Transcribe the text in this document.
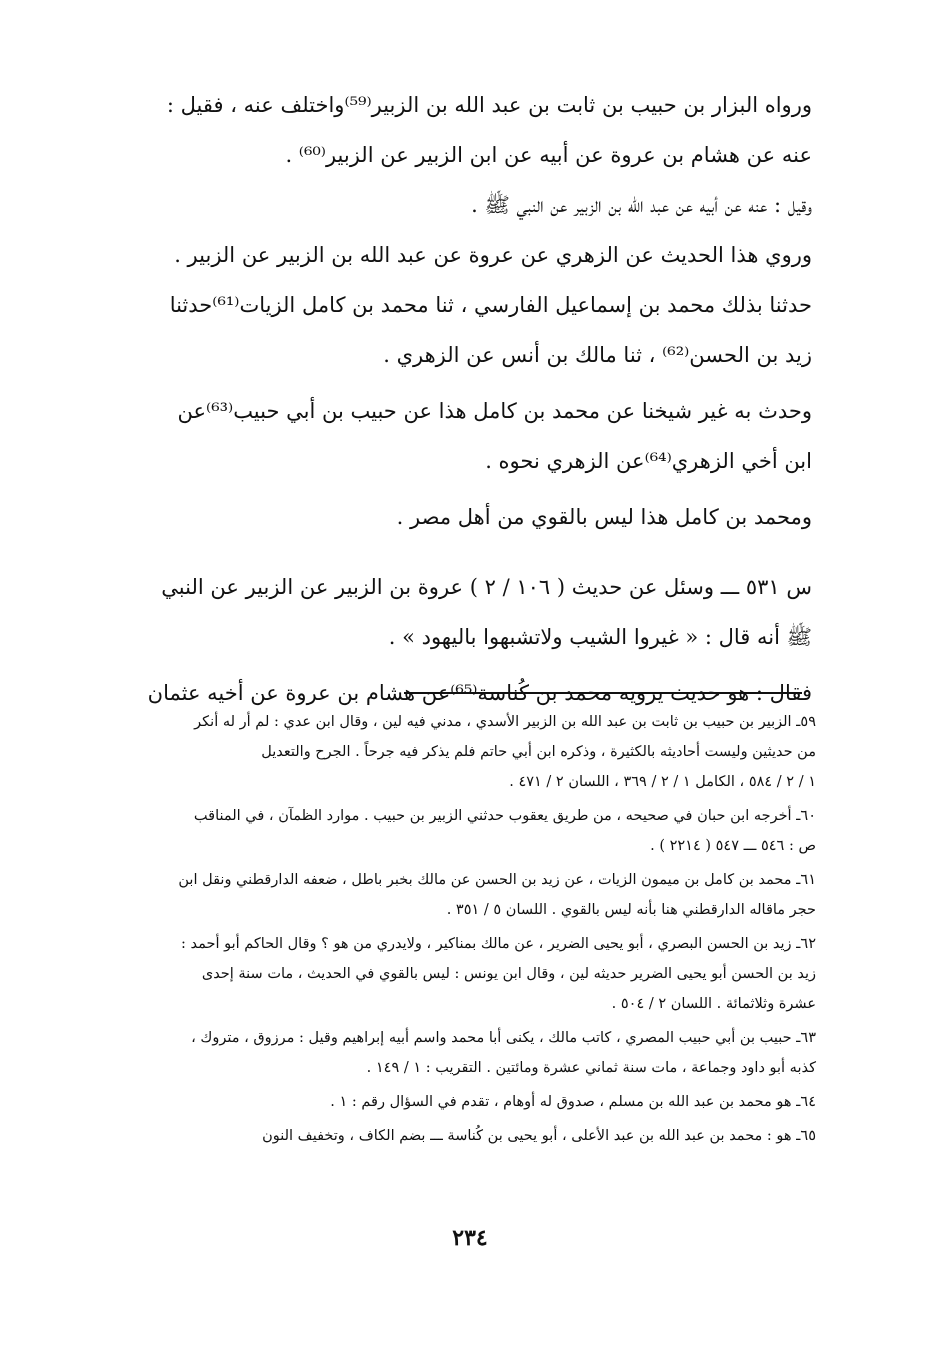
ورواه البزار بن حبيب بن ثابت بن عبد الله بن الزبير⁽⁵⁹⁾واختلف عنه ، فقيل :
عنه عن هشام بن عروة عن أبيه عن ابن الزبير عن الزبير⁽⁶⁰⁾ .

وقيل : عنه عن أبيه عن عبد الله بن الزبير عن النبي ﷺ .

وروي هذا الحديث عن الزهري عن عروة عن عبد الله بن الزبير عن الزبير .

حدثنا بذلك محمد بن إسماعيل الفارسي ، ثنا محمد بن كامل الزيات⁽⁶¹⁾حدثنا
زيد بن الحسن⁽⁶²⁾ ، ثنا مالك بن أنس عن الزهري .

وحدث به غير شيخنا عن محمد بن كامل هذا عن حبيب بن أبي حبيب⁽⁶³⁾عن
ابن أخي الزهري⁽⁶⁴⁾عن الزهري نحوه .

ومحمد بن كامل هذا ليس بالقوي من أهل مصر .

س ٥٣١ ـــ وسئل عن حديث ( ١٠٦ / ٢ ) عروة بن الزبير عن الزبير عن النبي
ﷺ أنه قال : « غيروا الشيب ولاتشبهوا باليهود » .

فقال : هو حديث يرويه محمد بن كُناسة⁽⁶⁵⁾عن هشام بن عروة عن أخيه عثمان

٥٩ـ الزبير بن حبيب بن ثابت بن عبد الله بن الزبير الأسدي ، مدني فيه لين ، وقال ابن عدي : لم أر له أنكر
من حديثين وليست أحاديثه بالكثيرة ، وذكره ابن أبي حاتم فلم يذكر فيه جرحاً . الجرح والتعديل
١ / ٢ / ٥٨٤ ، الكامل ١ / ٢ / ٣٦٩ ، اللسان ٢ / ٤٧١ .

٦٠ـ أخرجه ابن حبان في صحيحه ، من طريق يعقوب حدثني الزبير بن حبيب . موارد الظمآن ، في المناقب
ص : ٥٤٦ ـــ ٥٤٧ ( ٢٢١٤ ) .

٦١ـ محمد بن كامل بن ميمون الزيات ، عن زيد بن الحسن عن مالك بخبر باطل ، ضعفه الدارقطني ونقل ابن
حجر ماقاله الدارقطني هنا بأنه ليس بالقوي . اللسان ٥ / ٣٥١ .

٦٢ـ زيد بن الحسن البصري ، أبو يحيى الضرير ، عن مالك بمناكير ، ولايدري من هو ؟ وقال الحاكم أبو أحمد :
زيد بن الحسن أبو يحيى الضرير حديثه لين ، وقال ابن يونس : ليس بالقوي في الحديث ، مات سنة إحدى
عشرة وثلاثمائة . اللسان ٢ / ٥٠٤ .

٦٣ـ حبيب بن أبي حبيب المصري ، كاتب مالك ، يكنى أبا محمد واسم أبيه إبراهيم وقيل : مرزوق ، متروك ،
كذبه أبو داود وجماعة ، مات سنة ثماني عشرة ومائتين . التقريب : ١ / ١٤٩ .

٦٤ـ هو محمد بن عبد الله بن مسلم ، صدوق له أوهام ، تقدم في السؤال رقم : ١ .

٦٥ـ هو : محمد بن عبد الله بن عبد الأعلى ، أبو يحيى بن كُناسة ـــ بضم الكاف ، وتخفيف النون

٢٣٤
